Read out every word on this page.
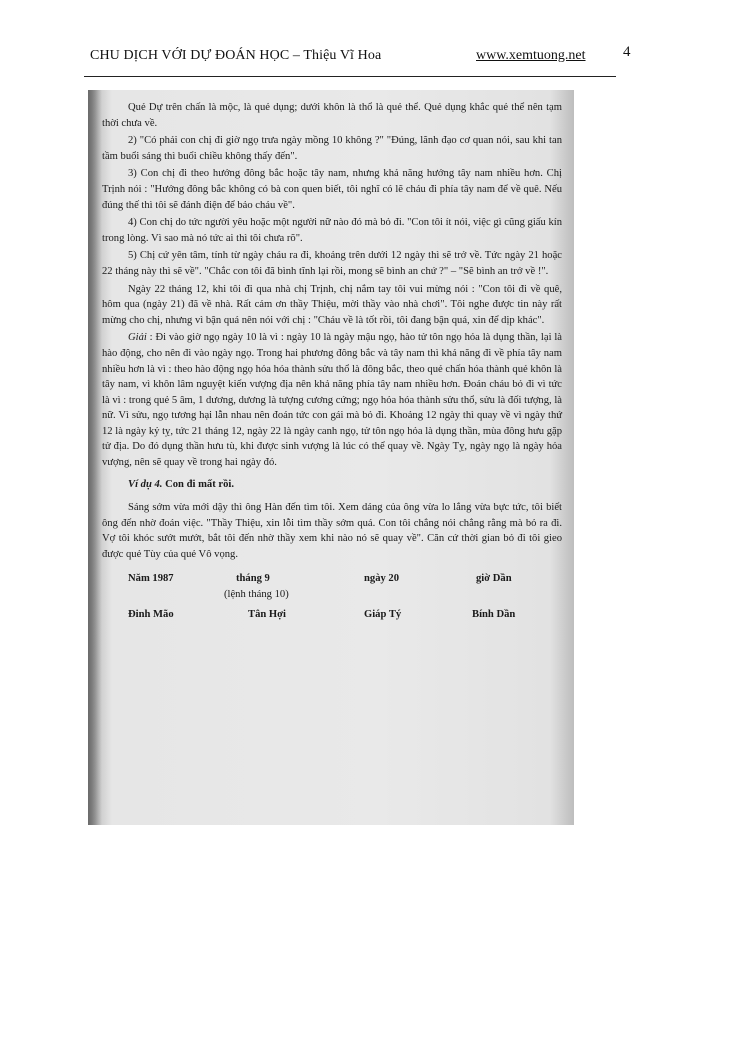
CHU DỊCH VỚI DỰ ĐOÁN HỌC – Thiệu Vĩ Hoa	www.xemtuong.net 4

Quẻ Dự trên chấn là mộc, là quẻ dụng; dưới khôn là thổ là quẻ thể. Quẻ dụng khắc quẻ thể nên tạm thời chưa về.

2) "Có phải con chị đi giờ ngọ trưa ngày mồng 10 không ?" "Đúng, lãnh đạo cơ quan nói, sau khi tan tầm buổi sáng thì buổi chiều không thấy đến".

3) Con chị đi theo hướng đông bắc hoặc tây nam, nhưng khả năng hướng tây nam nhiều hơn. Chị Trịnh nói : "Hướng đông bắc không có bà con quen biết, tôi nghĩ có lẽ cháu đi phía tây nam để về quê. Nếu đúng thế thì tôi sẽ đánh điện để bảo cháu về".

4) Con chị do tức người yêu hoặc một người nữ nào đó mà bỏ đi. "Con tôi ít nói, việc gì cũng giấu kín trong lòng. Vì sao mà nó tức ai thì tôi chưa rõ".

5) Chị cứ yên tâm, tính từ ngày cháu ra đi, khoảng trên dưới 12 ngày thì sẽ trở về. Tức ngày 21 hoặc 22 tháng này thì sẽ về". "Chắc con tôi đã bình tĩnh lại rồi, mong sẽ bình an chứ ?" – "Sẽ bình an trở về !".

Ngày 22 tháng 12, khi tôi đi qua nhà chị Trịnh, chị nắm tay tôi vui mừng nói : "Con tôi đi về quê, hôm qua (ngày 21) đã về nhà. Rất cảm ơn thầy Thiệu, mời thầy vào nhà chơi". Tôi nghe được tin này rất mừng cho chị, nhưng vì bận quá nên nói với chị : "Cháu về là tốt rồi, tôi đang bận quá, xin để dịp khác".

Giải : Đi vào giờ ngọ ngày 10 là vì : ngày 10 là ngày mậu ngọ, hào tử tôn ngọ hỏa là dụng thần, lại là hào động, cho nên đi vào ngày ngọ. Trong hai phương đông bắc và tây nam thì khả năng đi về phía tây nam nhiều hơn là vì : theo hào động ngọ hỏa hóa thành sửu thổ là đông bắc, theo quẻ chấn hóa thành quẻ khôn là tây nam, vì khôn lâm nguyệt kiến vượng địa nên khả năng phía tây nam nhiều hơn. Đoán cháu bỏ đi vì tức là vì : trong quẻ 5 âm, 1 dương, dương là tượng cương cứng; ngọ hỏa hóa thành sửu thổ, sửu là đối tượng, là nữ. Vì sửu, ngọ tương hại lẫn nhau nên đoán tức con gái mà bỏ đi. Khoảng 12 ngày thì quay về vì ngày thứ 12 là ngày kỷ tỵ, tức 21 tháng 12, ngày 22 là ngày canh ngọ, tử tôn ngọ hỏa là dụng thần, mùa đông hưu gặp tử địa. Do đó dụng thần hưu tù, khi được sinh vượng là lúc có thể quay về. Ngày Tỵ, ngày ngọ là ngày hỏa vượng, nên sẽ quay về trong hai ngày đó.

Ví dụ 4. Con đi mất rồi.

Sáng sớm vừa mới dậy thì ông Hàn đến tìm tôi. Xem dáng của ông vừa lo lắng vừa bực tức, tôi biết ông đến nhờ đoán việc. "Thầy Thiệu, xin lỗi tìm thầy sớm quá. Con tôi chẳng nói chẳng rằng mà bỏ ra đi. Vợ tôi khóc sướt mướt, bắt tôi đến nhờ thầy xem khi nào nó sẽ quay về". Căn cứ thời gian bỏ đi tôi gieo được quẻ Tùy của quẻ Vô vọng.

Năm 1987	tháng 9	ngày 20	giờ Dần
(lệnh tháng 10)
Đinh Mão	Tân Hợi	Giáp Tý	Bính Dần
